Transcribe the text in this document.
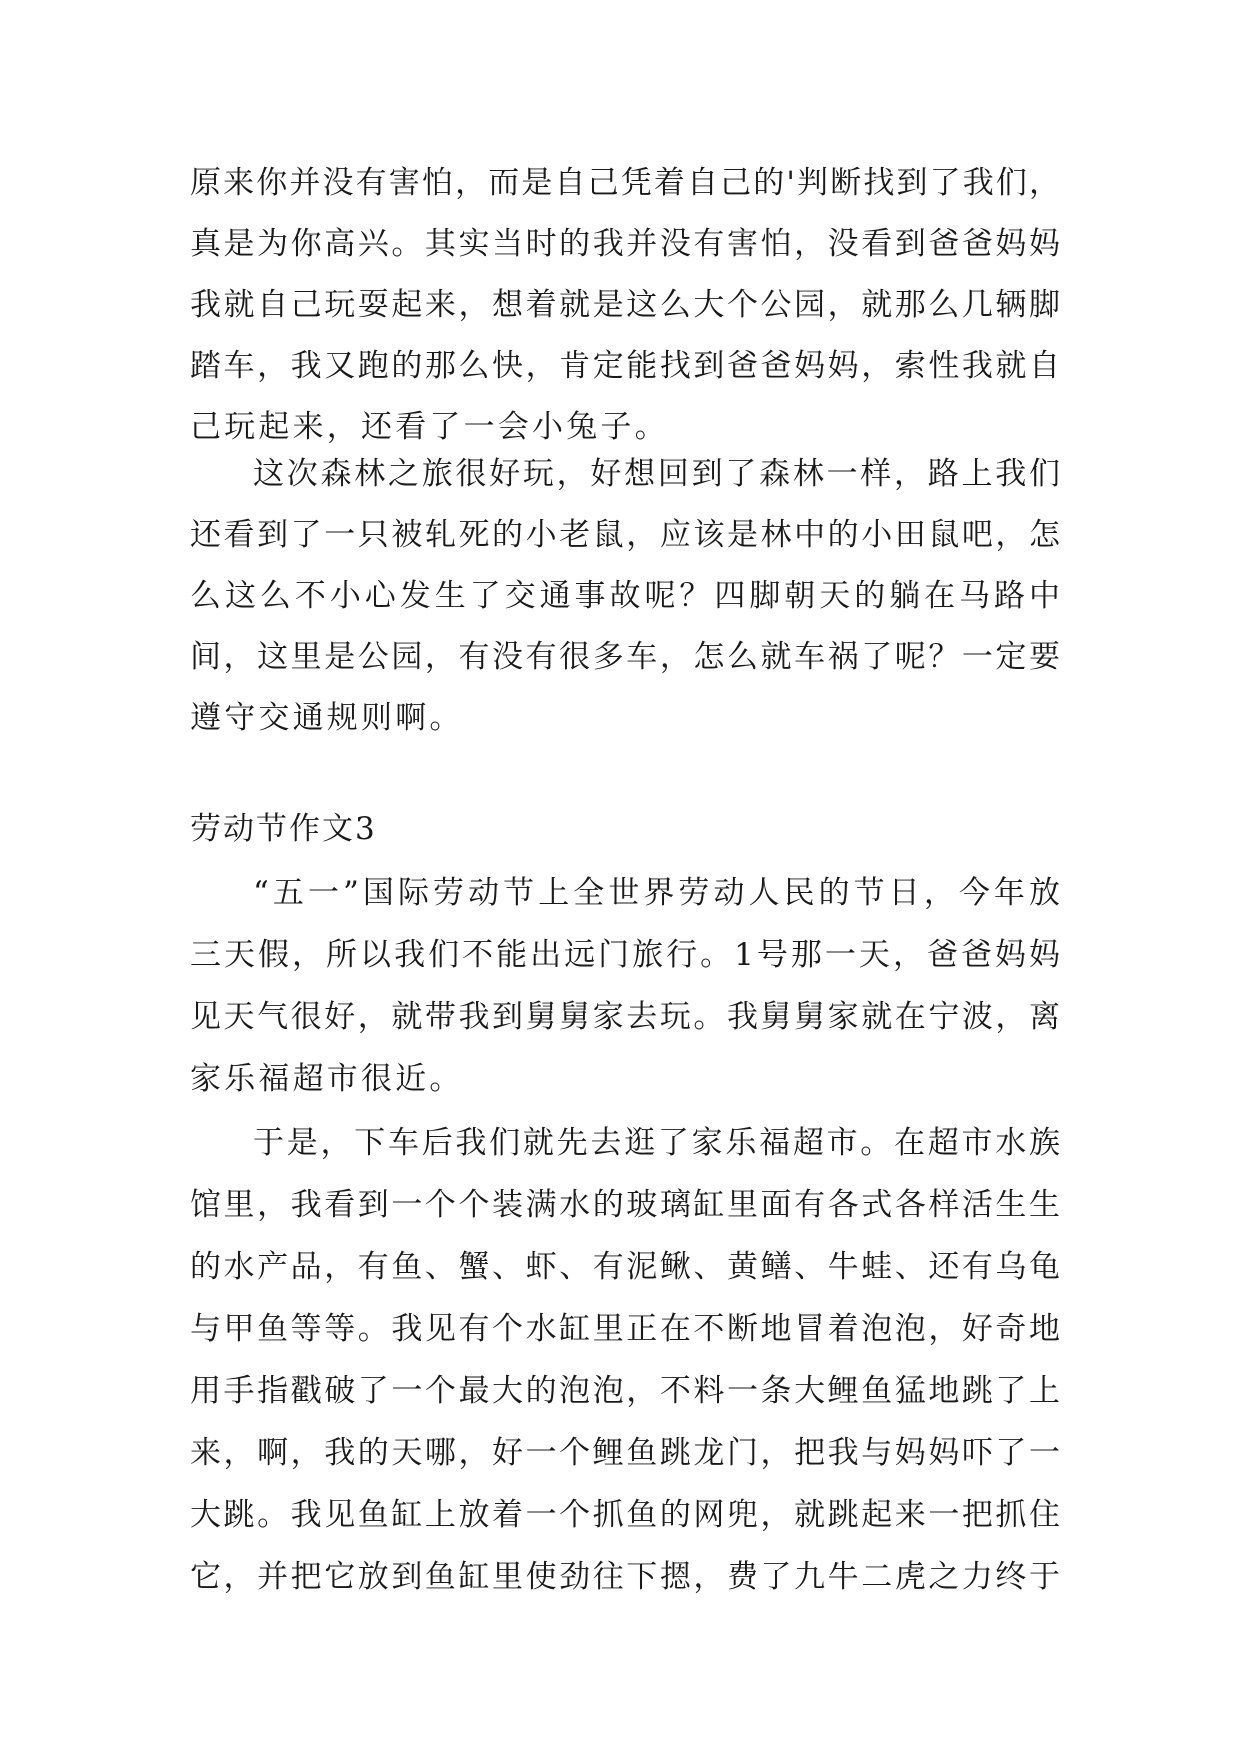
原来你并没有害怕，而是自己凭着自己的'判断找到了我们，
真是为你高兴。其实当时的我并没有害怕，没看到爸爸妈妈
我就自己玩耍起来，想着就是这么大个公园，就那么几辆脚
踏车，我又跑的那么快，肯定能找到爸爸妈妈，索性我就自
己玩起来，还看了一会小兔子。
这次森林之旅很好玩，好想回到了森林一样，路上我们
还看到了一只被轧死的小老鼠，应该是林中的小田鼠吧，怎
么这么不小心发生了交通事故呢？四脚朝天的躺在马路中
间，这里是公园，有没有很多车，怎么就车祸了呢？一定要
遵守交通规则啊。
劳动节作文3
“五一”国际劳动节上全世界劳动人民的节日，今年放
三天假，所以我们不能出远门旅行。1号那一天，爸爸妈妈
见天气很好，就带我到舅舅家去玩。我舅舅家就在宁波，离
家乐福超市很近。
于是，下车后我们就先去逛了家乐福超市。在超市水族
馆里，我看到一个个装满水的玻璃缸里面有各式各样活生生
的水产品，有鱼、蟹、虾、有泥鳅、黄鳝、牛蛙、还有乌龟
与甲鱼等等。我见有个水缸里正在不断地冒着泡泡，好奇地
用手指戳破了一个最大的泡泡，不料一条大鲤鱼猛地跳了上
来，啊，我的天哪，好一个鲤鱼跳龙门，把我与妈妈吓了一
大跳。我见鱼缸上放着一个抓鱼的网兜，就跳起来一把抓住
它，并把它放到鱼缸里使劲往下摁，费了九牛二虎之力终于
